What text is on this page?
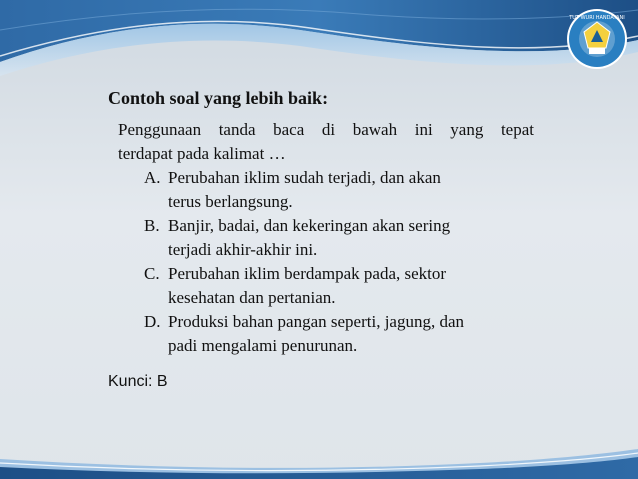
TUT WURI HANDAYANI
Contoh soal yang lebih baik:
Penggunaan tanda baca di bawah ini yang tepat
terdapat pada kalimat …
A. Perubahan iklim sudah terjadi, dan akan
terus berlangsung.
B. Banjir, badai, dan kekeringan akan sering
terjadi akhir-akhir ini.
C. Perubahan iklim berdampak pada, sektor
kesehatan dan pertanian.
D. Produksi bahan pangan seperti, jagung, dan
padi mengalami penurunan.
Kunci: B
